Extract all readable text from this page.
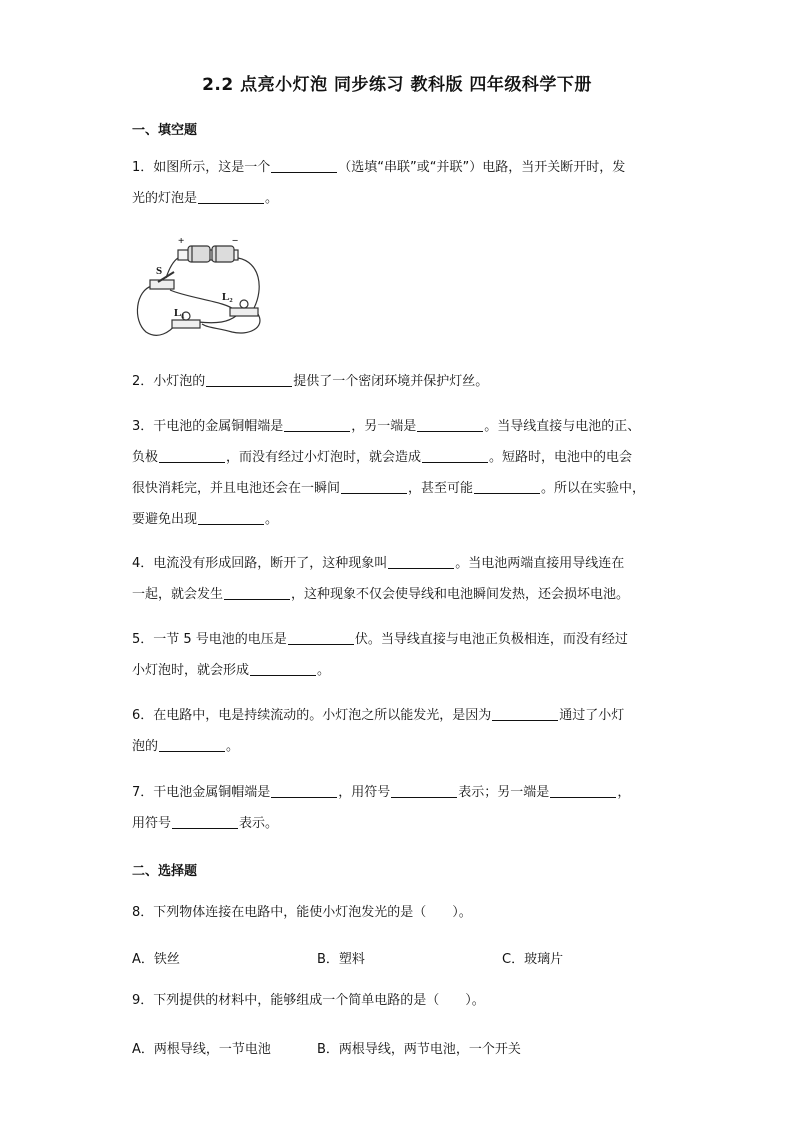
2.2 点亮小灯泡 同步练习 教科版 四年级科学下册
一、填空题
1．如图所示，这是一个	（选填“串联”或“并联”）电路，当开关断开时，发
光的灯泡是	。
+	−
S
L₁
L₂
2．小灯泡的	提供了一个密闭环境并保护灯丝。
3．干电池的金属铜帽端是	，另一端是	。当导线直接与电池的正、
负极	，而没有经过小灯泡时，就会造成	。短路时，电池中的电会
很快消耗完，并且电池还会在一瞬间	，甚至可能	。所以在实验中，
要避免出现	。
4．电流没有形成回路，断开了，这种现象叫	。当电池两端直接用导线连在
一起，就会发生	，这种现象不仅会使导线和电池瞬间发热，还会损坏电池。
5．一节 5 号电池的电压是	伏。当导线直接与电池正负极相连，而没有经过
小灯泡时，就会形成	。
6．在电路中，电是持续流动的。小灯泡之所以能发光，是因为	通过了小灯
泡的	。
7．干电池金属铜帽端是	，用符号	表示；另一端是	，
用符号	表示。
二、选择题
8．下列物体连接在电路中，能使小灯泡发光的是（　　）。
A．铁丝	B．塑料	C．玻璃片
9．下列提供的材料中，能够组成一个简单电路的是（　　）。
A．两根导线，一节电池	B．两根导线，两节电池，一个开关
